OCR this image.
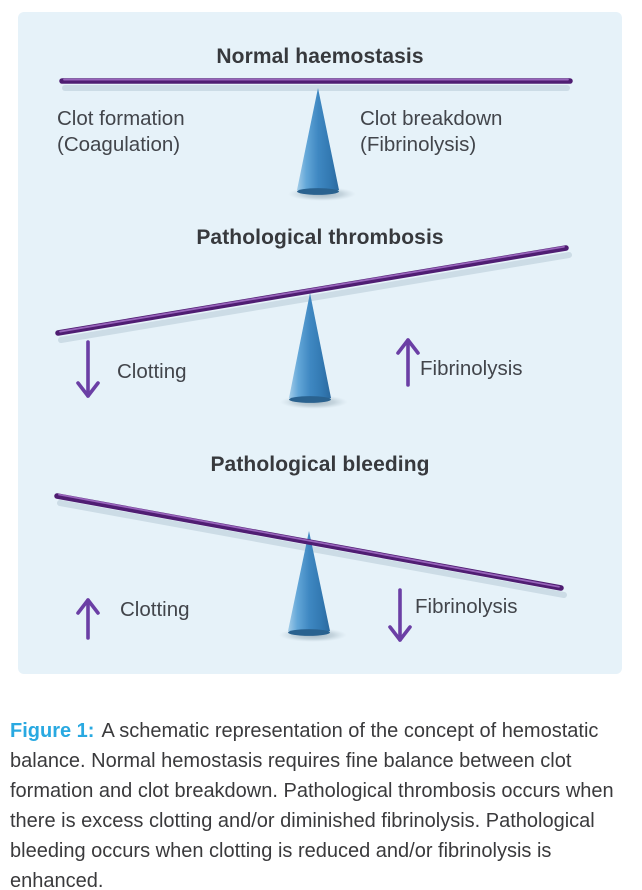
Normal haemostasis
Clot formation
(Coagulation)
Clot breakdown
(Fibrinolysis)
Pathological thrombosis
Clotting	Fibrinolysis
Pathological bleeding
Clotting	Fibrinolysis

Figure 1: A schematic representation of the concept of hemostatic balance. Normal hemostasis requires fine balance between clot formation and clot breakdown. Pathological thrombosis occurs when there is excess clotting and/or diminished fibrinolysis. Pathological bleeding occurs when clotting is reduced and/or fibrinolysis is enhanced.
